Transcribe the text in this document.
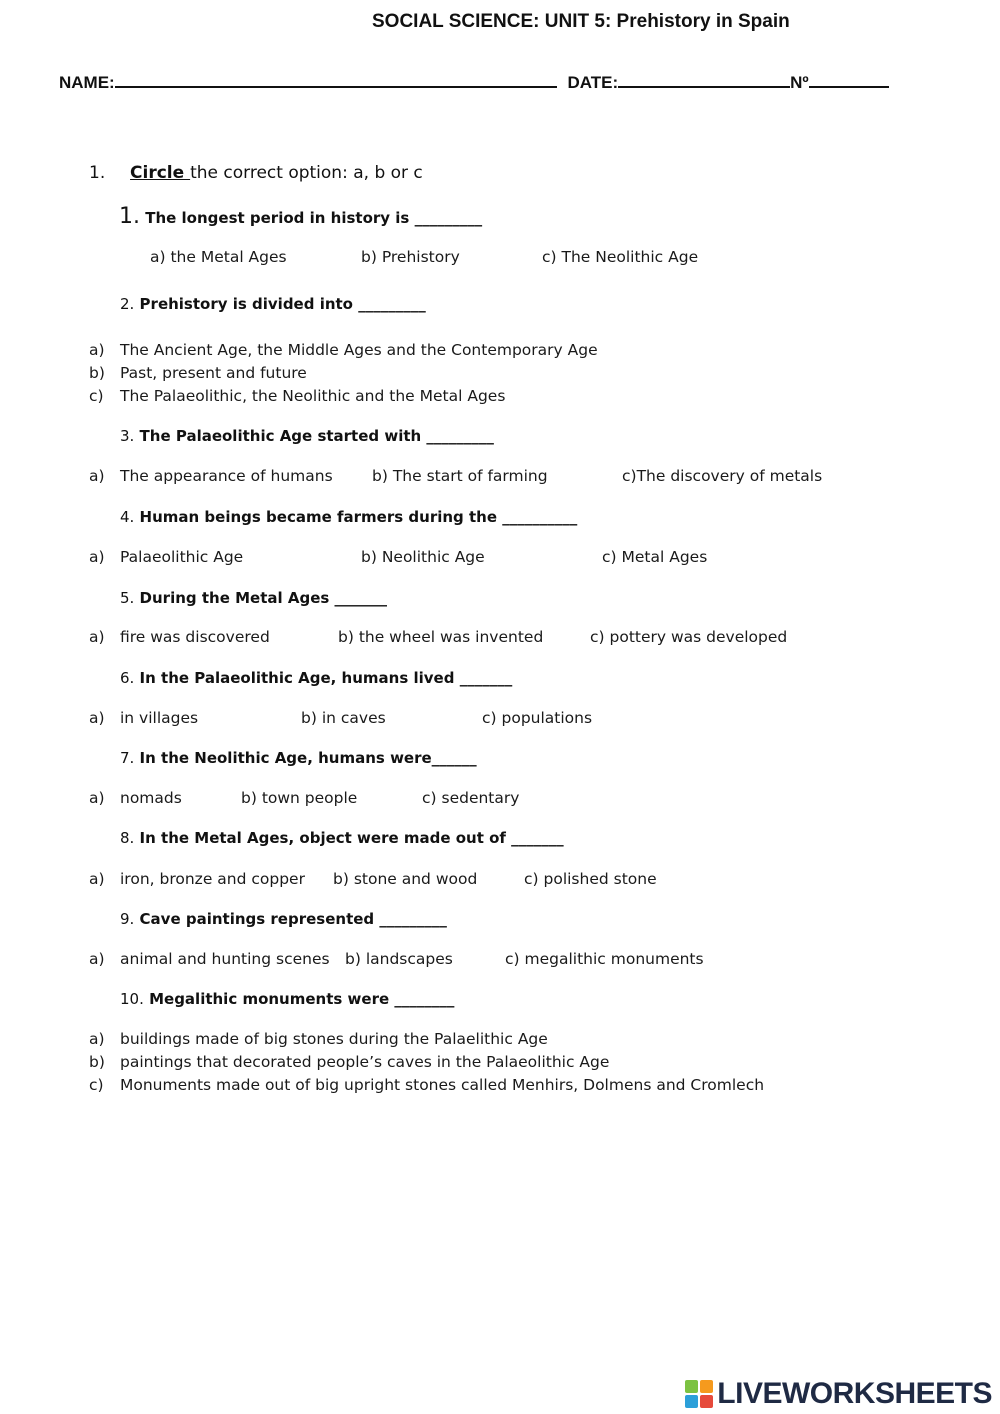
SOCIAL SCIENCE: UNIT 5: Prehistory in Spain
NAME:	DATE:	Nº
1. Circle the correct option: a, b or c
1. The longest period in history is _________
a) the Metal Ages	b) Prehistory	c) The Neolithic Age
2. Prehistory is divided into _________
a) The Ancient Age, the Middle Ages and the Contemporary Age
b) Past, present and future
c) The Palaeolithic, the Neolithic and the Metal Ages
3. The Palaeolithic Age started with _________
a) The appearance of humans	b) The start of farming	c)The discovery of metals
4. Human beings became farmers during the __________
a) Palaeolithic Age	b) Neolithic Age	c) Metal Ages
5. During the Metal Ages _______
a) fire was discovered	b) the wheel was invented	c) pottery was developed
6. In the Palaeolithic Age, humans lived _______
a) in villages	b) in caves	c) populations
7. In the Neolithic Age, humans were______
a) nomads	b) town people	c) sedentary
8. In the Metal Ages, object were made out of _______
a) iron, bronze and copper b) stone and wood	c) polished stone
9. Cave paintings represented _________
a) animal and hunting scenes b) landscapes	c) megalithic monuments
10. Megalithic monuments were ________
a) buildings made of big stones during the Palaelithic Age
b) paintings that decorated people’s caves in the Palaeolithic Age
c) Monuments made out of big upright stones called Menhirs, Dolmens and Cromlech
LIVEWORKSHEETS
